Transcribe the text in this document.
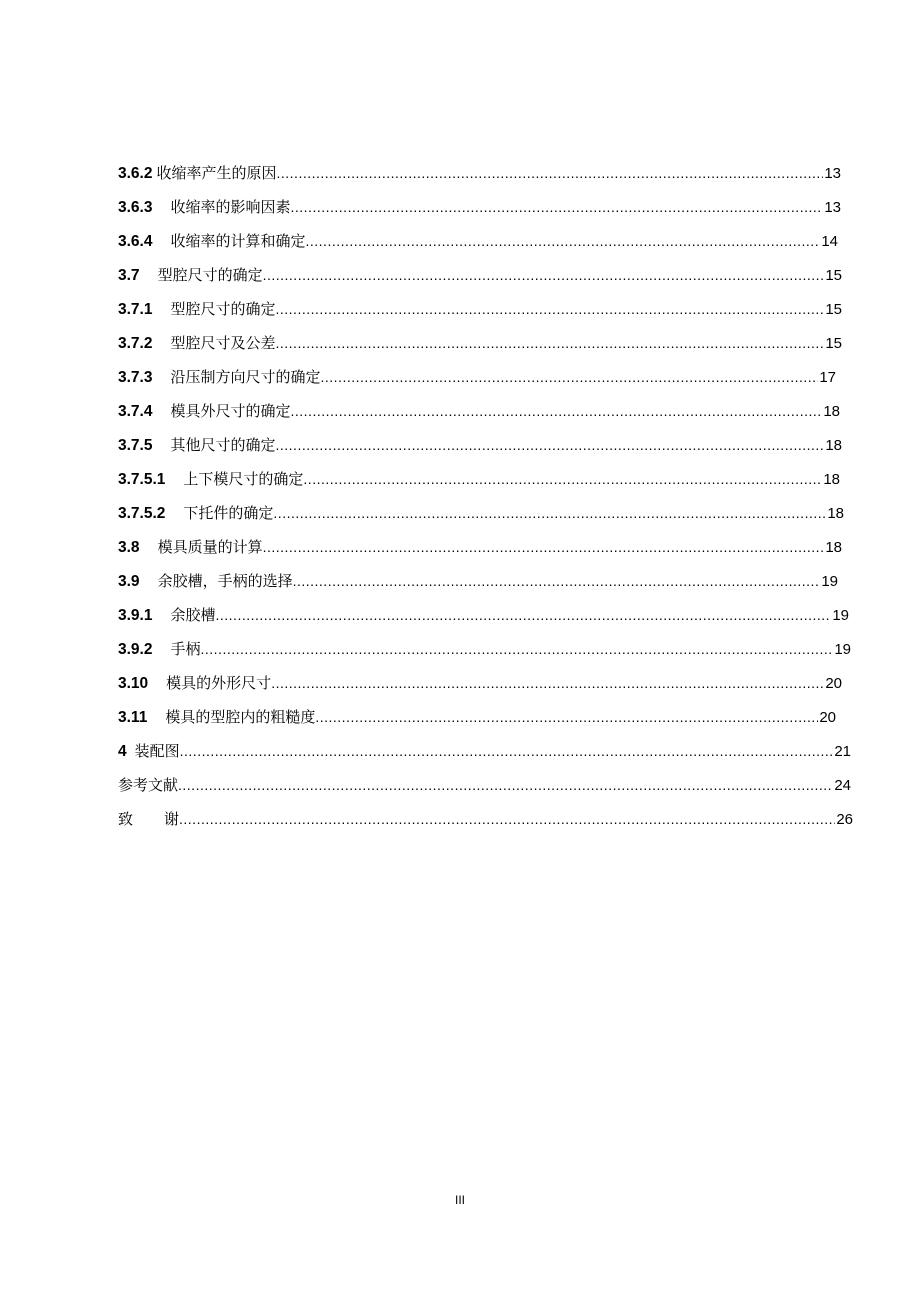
3.6.2 收缩率产生的原因 .....	13
3.6.3 收缩率的影响因素 .....	13
3.6.4 收缩率的计算和确定 .....	14
3.7 型腔尺寸的确定 .....	15
3.7.1 型腔尺寸的确定 .....	15
3.7.2 型腔尺寸及公差 .....	15
3.7.3 沿压制方向尺寸的确定 .....	17
3.7.4 模具外尺寸的确定 .....	18
3.7.5 其他尺寸的确定 .....	18
3.7.5.1 上下模尺寸的确定 .....	18
3.7.5.2 下托件的确定 .....	18
3.8 模具质量的计算 .....	18
3.9 余胶槽，手柄的选择 .....	19
3.9.1 余胶槽 .....	19
3.9.2 手柄 .....	19
3.10 模具的外形尺寸 .....	20
3.11 模具的型腔内的粗糙度 .....	20
4 装配图 .....	21
参考文献 .....	24
致　谢 .....	26
III
